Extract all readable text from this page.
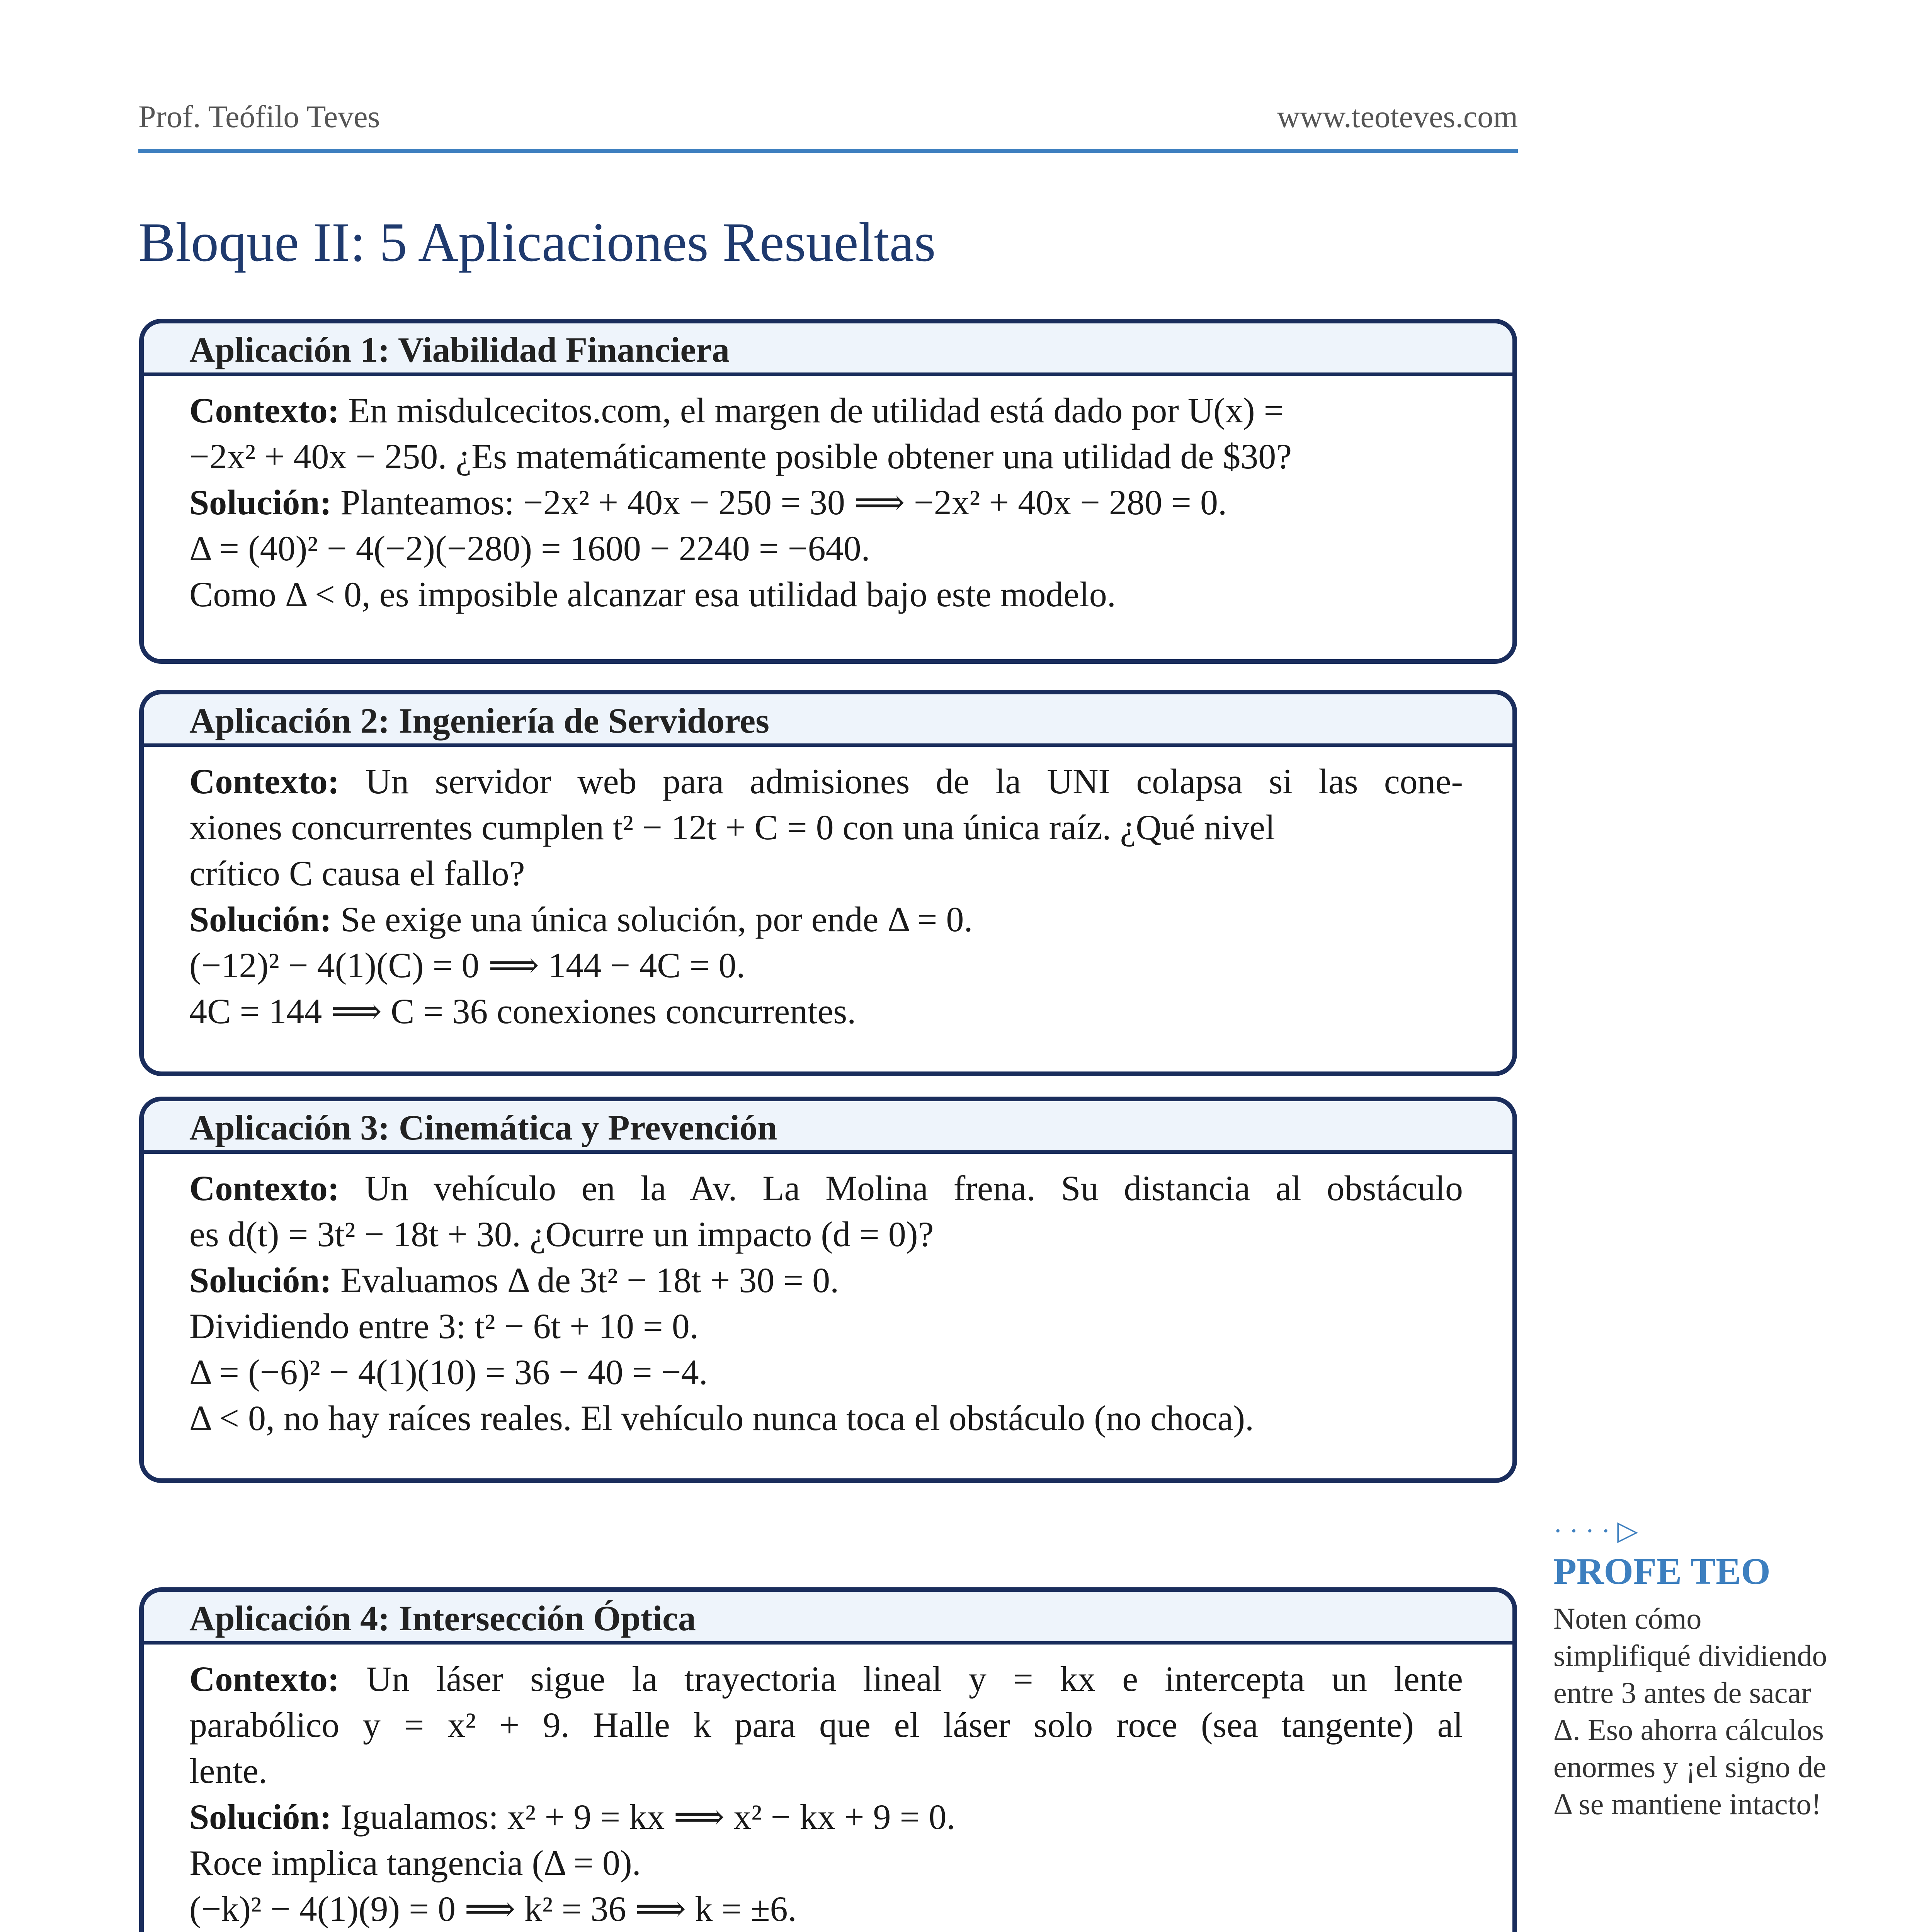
Prof. Teófilo Teves	www.teoteves.com
Bloque II: 5 Aplicaciones Resueltas
Aplicación 1: Viabilidad Financiera
Contexto: En misdulcecitos.com, el margen de utilidad está dado por U(x) =
−2x² + 40x − 250. ¿Es matemáticamente posible obtener una utilidad de $30?
Solución: Planteamos: −2x² + 40x − 250 = 30 ⟹ −2x² + 40x − 280 = 0.
Δ = (40)² − 4(−2)(−280) = 1600 − 2240 = −640.
Como Δ < 0, es imposible alcanzar esa utilidad bajo este modelo.
Aplicación 2: Ingeniería de Servidores
Contexto: Un servidor web para admisiones de la UNI colapsa si las cone-
xiones concurrentes cumplen t² − 12t + C = 0 con una única raíz. ¿Qué nivel
crítico C causa el fallo?
Solución: Se exige una única solución, por ende Δ = 0.
(−12)² − 4(1)(C) = 0 ⟹ 144 − 4C = 0.
4C = 144 ⟹ C = 36 conexiones concurrentes.
Aplicación 3: Cinemática y Prevención
Contexto: Un vehículo en la Av. La Molina frena. Su distancia al obstáculo
es d(t) = 3t² − 18t + 30. ¿Ocurre un impacto (d = 0)?
Solución: Evaluamos Δ de 3t² − 18t + 30 = 0.
Dividiendo entre 3: t² − 6t + 10 = 0.
Δ = (−6)² − 4(1)(10) = 36 − 40 = −4.
Δ < 0, no hay raíces reales. El vehículo nunca toca el obstáculo (no choca).
····▷
PROFE TEO
Noten cómo
simplifiqué dividiendo
entre 3 antes de sacar
Δ. Eso ahorra cálculos
enormes y ¡el signo de
Δ se mantiene intacto!
Aplicación 4: Intersección Óptica
Contexto: Un láser sigue la trayectoria lineal y = kx e intercepta un lente
parabólico y = x² + 9. Halle k para que el láser solo roce (sea tangente) al
lente.
Solución: Igualamos: x² + 9 = kx ⟹ x² − kx + 9 = 0.
Roce implica tangencia (Δ = 0).
(−k)² − 4(1)(9) = 0 ⟹ k² = 36 ⟹ k = ±6.
